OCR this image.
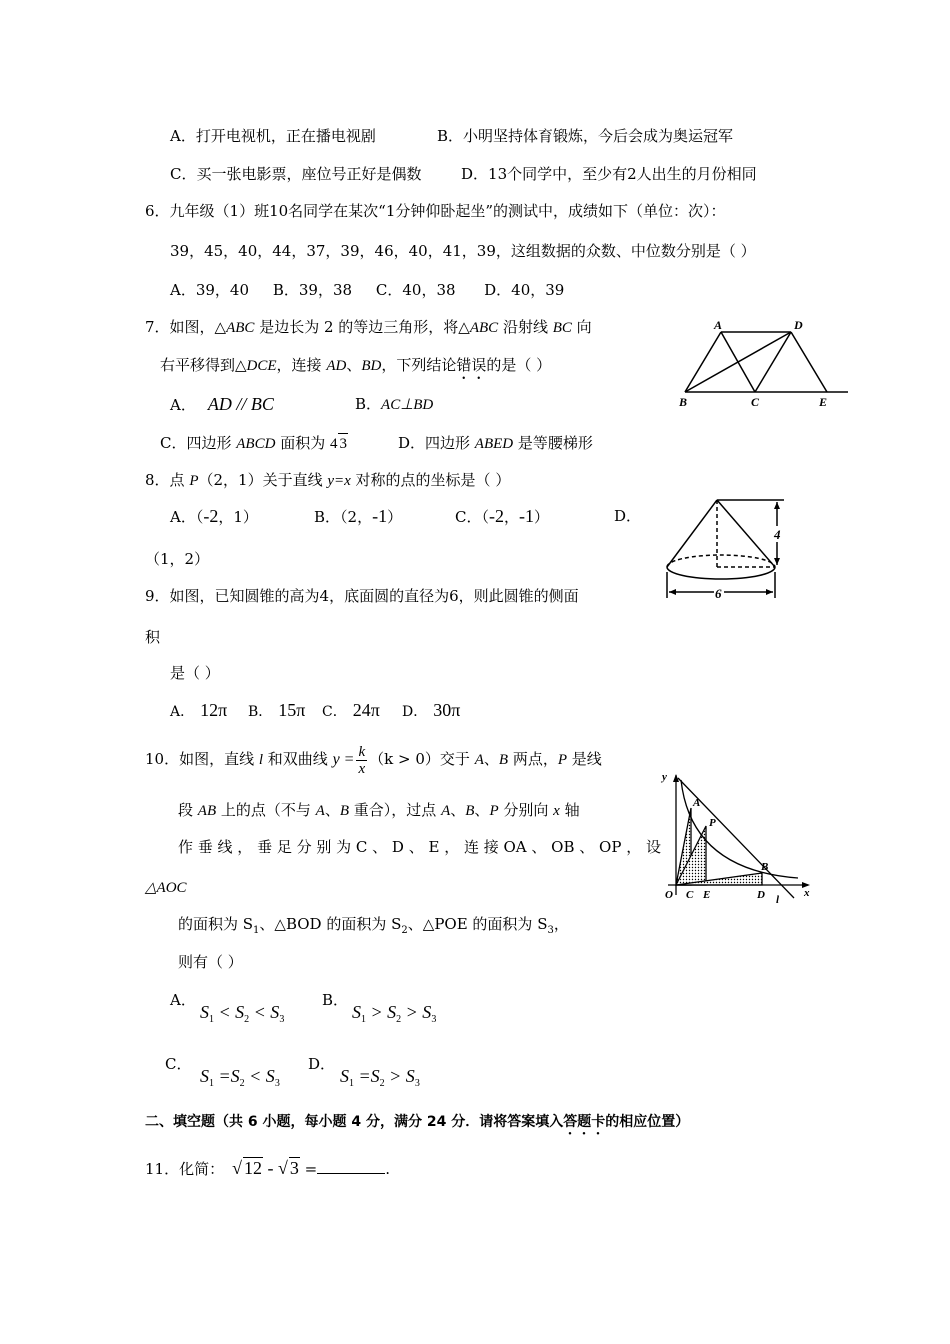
A．打开电视机，正在播电视剧	B．小明坚持体育锻炼，今后会成为奥运冠军
C．买一张电影票，座位号正好是偶数	D．13个同学中，至少有2人出生的月份相同
6．九年级（1）班10名同学在某次“1分钟仰卧起坐”的测试中，成绩如下（单位：次）：
39，45，40，44，37，39，46，40，41，39，这组数据的众数、中位数分别是（ ）
A．39，40     B．39，38     C．40，38      D．40，39
7．如图，△ABC 是边长为 2 的等边三角形，将△ABC 沿射线 BC 向
右平移得到△DCE，连接 AD、BD，下列结论错误的是（ ）
A． AD // BC	B．AC⊥BD
C．四边形 ABCD 面积为 4 3	D．四边形 ABED 是等腰梯形
A	D
B	C	E
8．点 P（2，1）关于直线 y=x 对称的点的坐标是（ ）
A．（-2，1）	B．（2，-1）	C．（-2，-1）	D．
（1，2）
4
6
9．如图，已知圆锥的高为4，底面圆的直径为6，则此圆锥的侧面
积
是（ ）
A． 12π B． 15π C． 24π D． 30π
10．如图，直线 l 和双曲线 $y = \frac{k}{x} (k > 0)$交于 A、B 两点，P 是线
段 AB 上的点（不与 A、B 重合），过点 A、B、P 分别向 x 轴
作 垂 线 ， 垂 足 分 别 为 C 、 D 、 E ， 连 接 OA 、 OB 、 OP ， 设
△AOC
的面积为 $S_1$、△BOD 的面积为 $S_2$、△POE 的面积为 $S_3$，
则有（ ）
A．
$S_1 < S_2 < S_3$
B．
$S_1 > S_2 > S_3$
C．
$S_1 =S_2 < S_3$
D．
$S_1 =S_2 > S_3$
y
x
A
P
B
O C E	D l
二、填空题（共 6 小题，每小题 4 分，满分 24 分．请将答案填入答题卡的相应位置）
11．化简： √ 12 - √ 3 =	.
